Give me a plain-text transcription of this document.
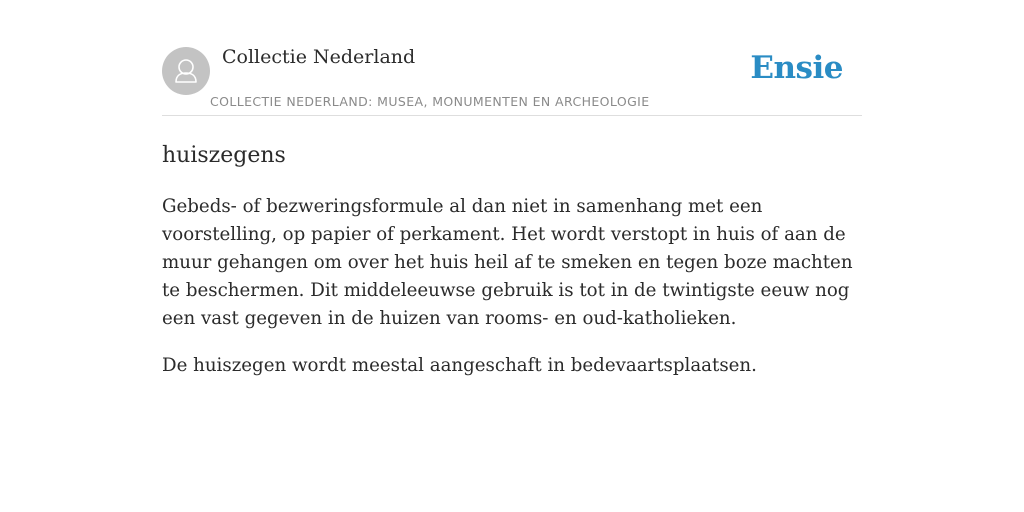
Collectie Nederland
COLLECTIE NEDERLAND: MUSEA, MONUMENTEN EN ARCHEOLOGIE
Ensie
huiszegens

Gebeds- of bezweringsformule al dan niet in samenhang met een voorstelling, op papier of perkament. Het wordt verstopt in huis of aan de muur gehangen om over het huis heil af te smeken en tegen boze machten te beschermen. Dit middeleeuwse gebruik is tot in de twintigste eeuw nog een vast gegeven in de huizen van rooms- en oud-katholieken.

De huiszegen wordt meestal aangeschaft in bedevaartsplaatsen.
